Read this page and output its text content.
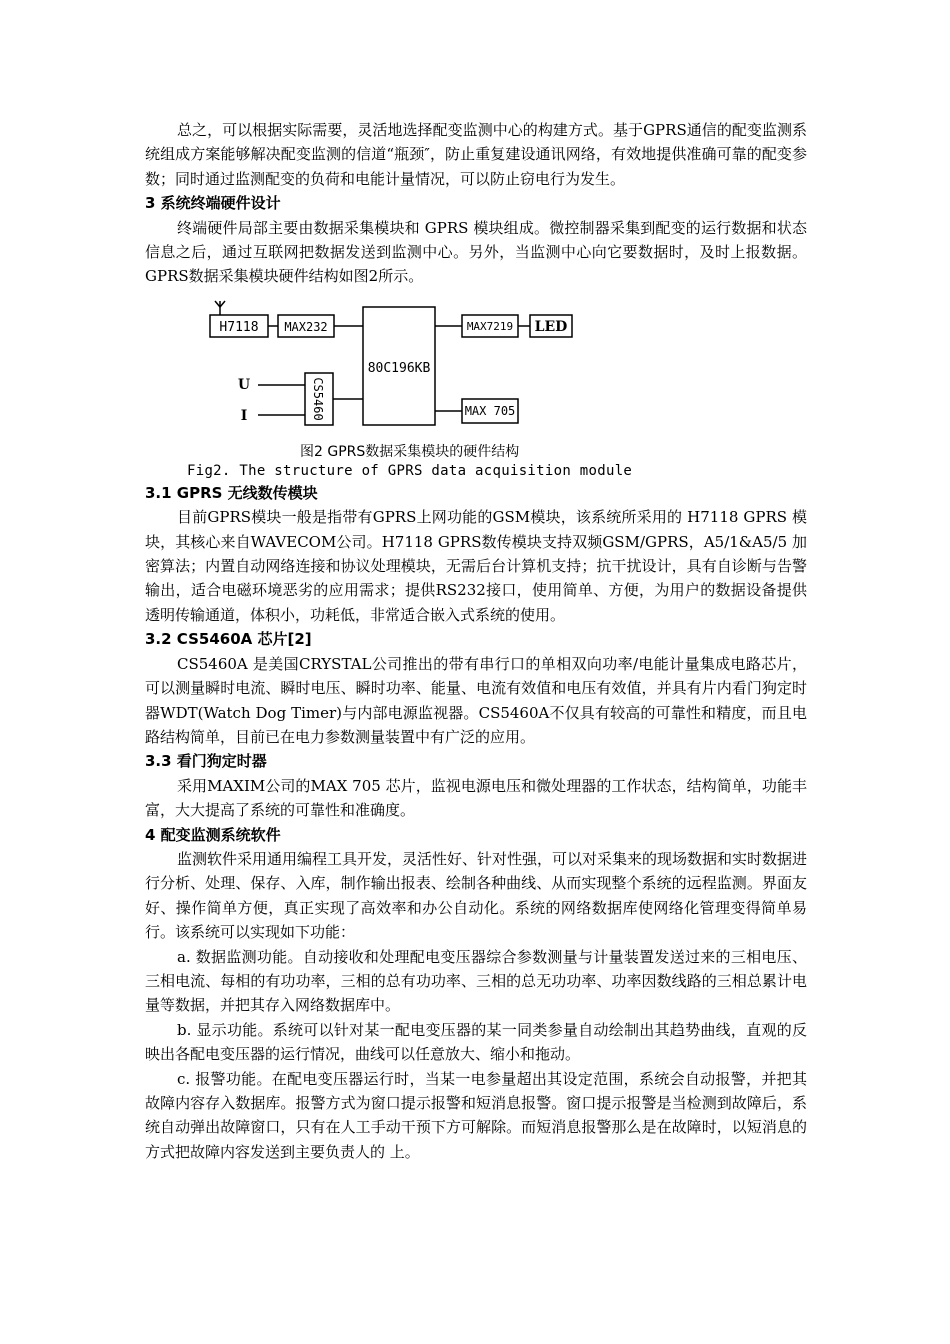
总之，可以根据实际需要，灵活地选择配变监测中心的构建方式。基于GPRS通信的配变监测系统组成方案能够解决配变监测的信道“瓶颈″，防止重复建设通讯网络，有效地提供准确可靠的配变参数；同时通过监测配变的负荷和电能计量情况，可以防止窃电行为发生。

3 系统终端硬件设计

终端硬件局部主要由数据采集模块和 GPRS 模块组成。微控制器采集到配变的运行数据和状态信息之后，通过互联网把数据发送到监测中心。另外，当监测中心向它要数据时，及时上报数据。GPRS数据采集模块硬件结构如图2所示。

H7118 MAX232
80C196KB
MAX7219 LED
CS5460
U
I	MAX 705
图2 GPRS数据采集模块的硬件结构
Fig2. The structure of GPRS data acquisition module
3.1 GPRS 无线数传模块

目前GPRS模块一般是指带有GPRS上网功能的GSM模块，该系统所采用的 H7118 GPRS 模块，其核心来自WAVECOM公司。H7118 GPRS数传模块支持双频GSM/GPRS，A5/1&A5/5 加密算法；内置自动网络连接和协议处理模块，无需后台计算机支持；抗干扰设计，具有自诊断与告警输出，适合电磁环境恶劣的应用需求；提供RS232接口，使用简单、方便，为用户的数据设备提供透明传输通道，体积小，功耗低，非常适合嵌入式系统的使用。

3.2 CS5460A 芯片[2]

CS5460A 是美国CRYSTAL公司推出的带有串行口的单相双向功率/电能计量集成电路芯片，可以测量瞬时电流、瞬时电压、瞬时功率、能量、电流有效值和电压有效值，并具有片内看门狗定时器WDT(Watch Dog Timer)与内部电源监视器。CS5460A不仅具有较高的可靠性和精度，而且电路结构简单，目前已在电力参数测量装置中有广泛的应用。

3.3 看门狗定时器

采用MAXIM公司的MAX 705 芯片，监视电源电压和微处理器的工作状态，结构简单，功能丰富，大大提高了系统的可靠性和准确度。

4 配变监测系统软件

监测软件采用通用编程工具开发，灵活性好、针对性强，可以对采集来的现场数据和实时数据进行分析、处理、保存、入库，制作输出报表、绘制各种曲线、从而实现整个系统的远程监测。界面友好、操作简单方便，真正实现了高效率和办公自动化。系统的网络数据库使网络化管理变得简单易行。该系统可以实现如下功能：

a. 数据监测功能。自动接收和处理配电变压器综合参数测量与计量装置发送过来的三相电压、三相电流、每相的有功功率，三相的总有功功率、三相的总无功功率、功率因数线路的三相总累计电量等数据，并把其存入网络数据库中。

b. 显示功能。系统可以针对某一配电变压器的某一同类参量自动绘制出其趋势曲线，直观的反映出各配电变压器的运行情况，曲线可以任意放大、缩小和拖动。

c. 报警功能。在配电变压器运行时，当某一电参量超出其设定范围，系统会自动报警，并把其故障内容存入数据库。报警方式为窗口提示报警和短消息报警。窗口提示报警是当检测到故障后，系统自动弹出故障窗口，只有在人工手动干预下方可解除。而短消息报警那么是在故障时，以短消息的方式把故障内容发送到主要负责人的 上。
